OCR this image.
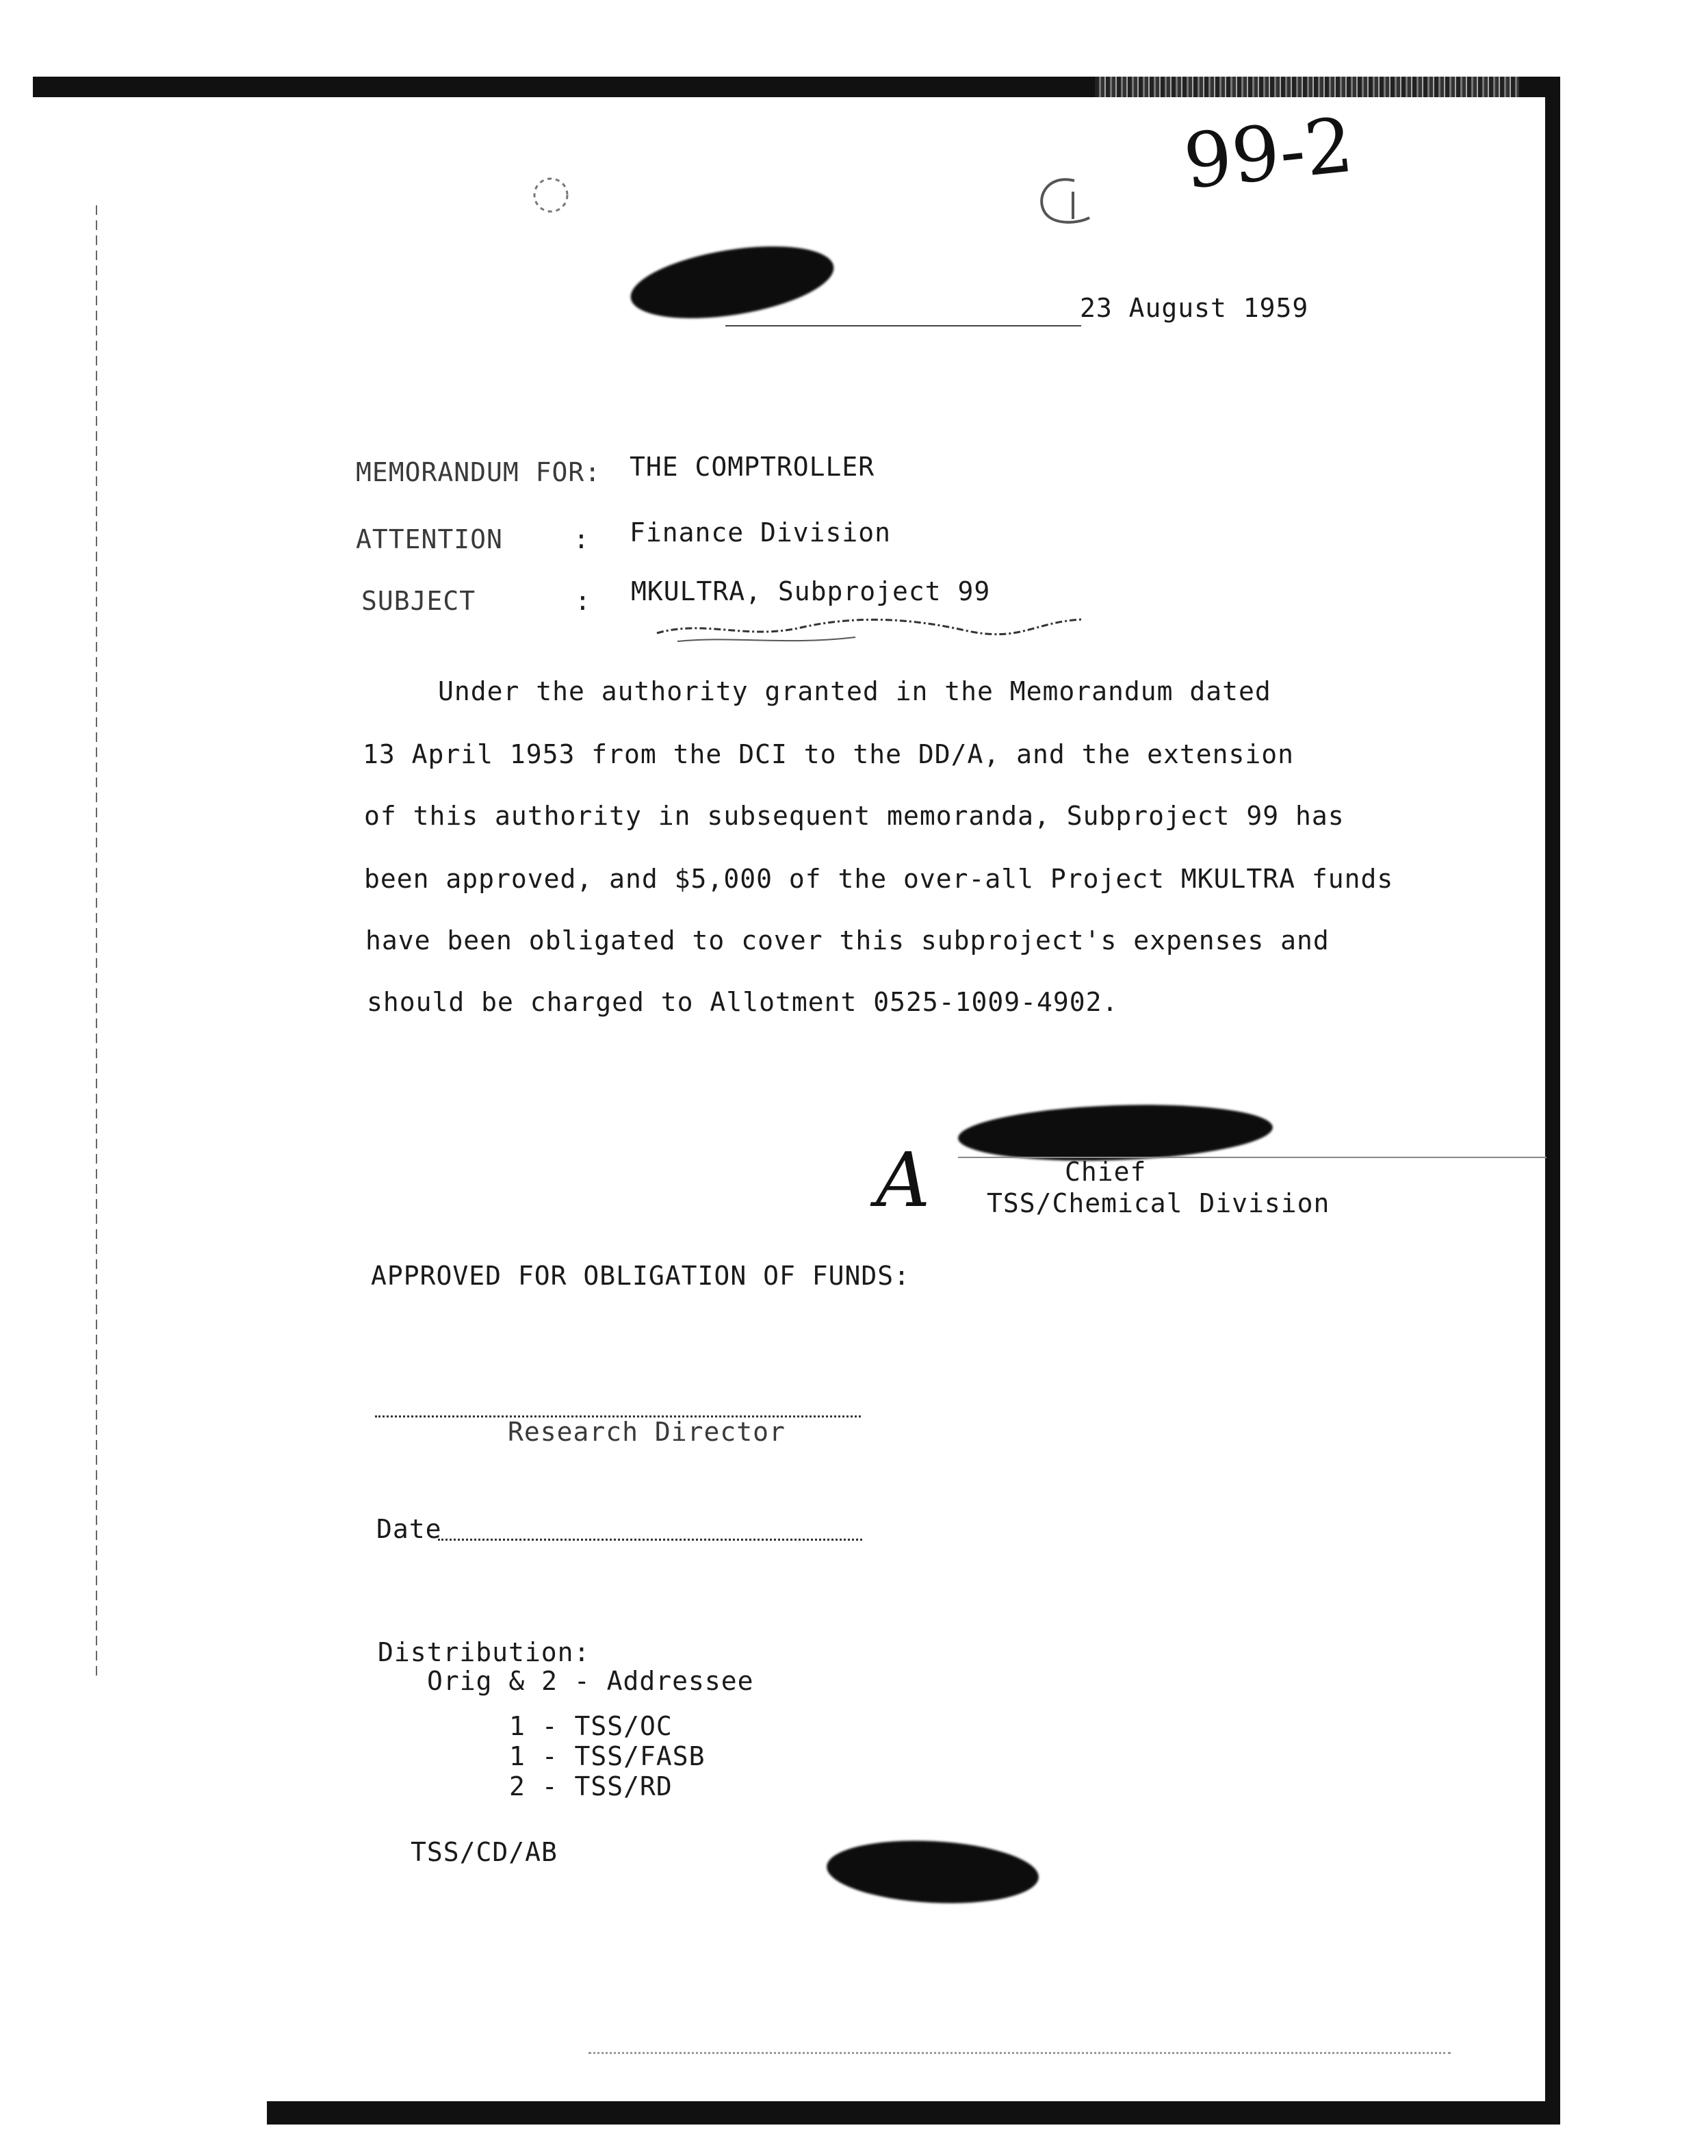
99-2
23 August 1959
MEMORANDUM FOR: THE COMPTROLLER
ATTENTION	: Finance Division
SUBJECT	: MKULTRA, Subproject 99
Under the authority granted in the Memorandum dated
13 April 1953 from the DCI to the DD/A, and the extension
of this authority in subsequent memoranda, Subproject 99 has
been approved, and $5,000 of the over-all Project MKULTRA funds
have been obligated to cover this subproject's expenses and
should be charged to Allotment 0525-1009-4902.
A	Chief
TSS/Chemical Division
APPROVED FOR OBLIGATION OF FUNDS:
Research Director
Date
Distribution:
Orig & 2 - Addressee
1 - TSS/OC
1 - TSS/FASB
2 - TSS/RD
TSS/CD/AB
